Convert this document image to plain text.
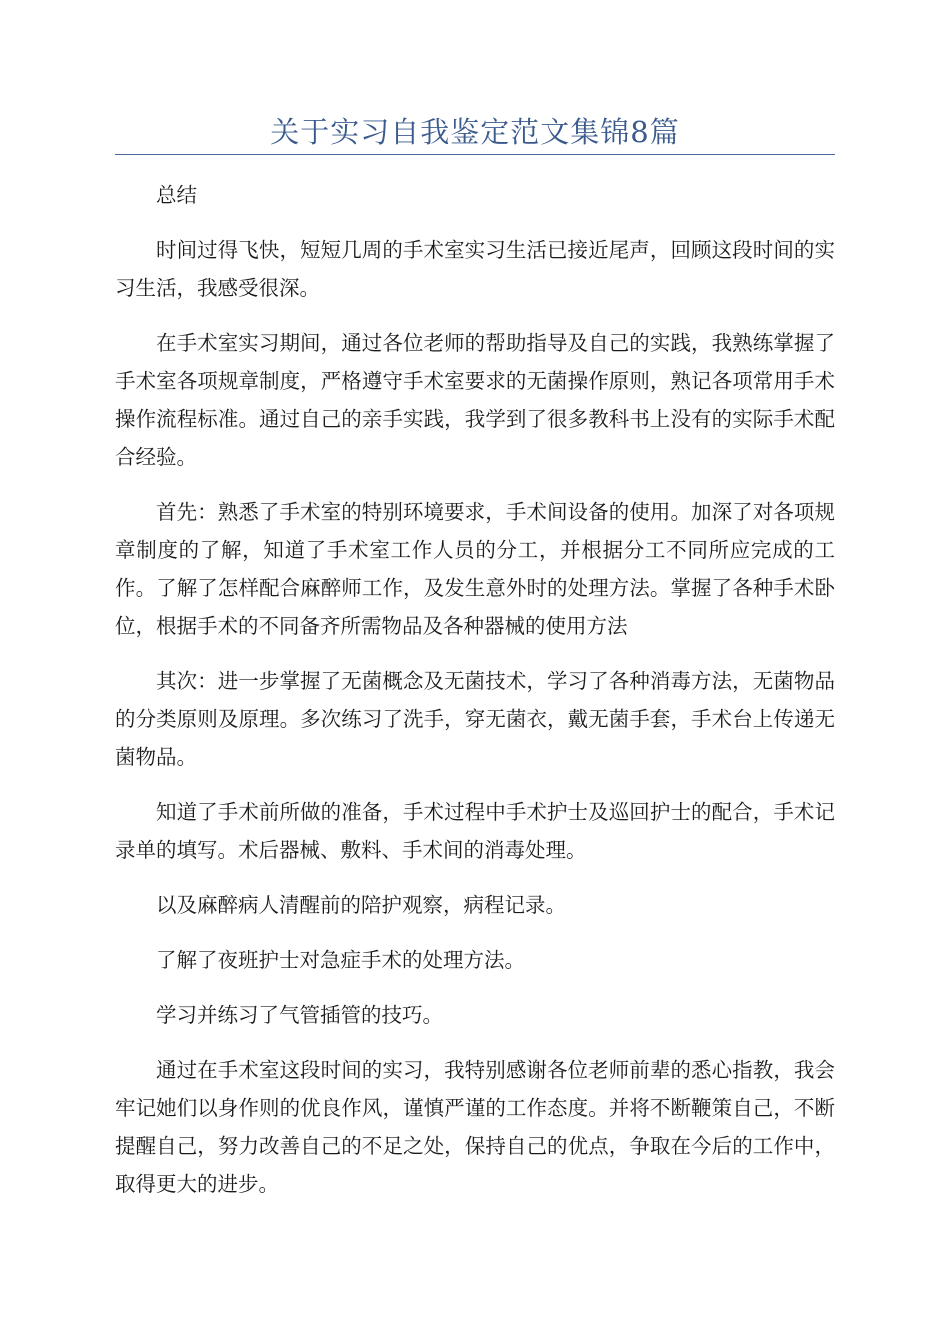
关于实习自我鉴定范文集锦8篇

总结

时间过得飞快，短短几周的手术室实习生活已接近尾声，回顾这段时间的实习生活，我感受很深。

在手术室实习期间，通过各位老师的帮助指导及自己的实践，我熟练掌握了手术室各项规章制度，严格遵守手术室要求的无菌操作原则，熟记各项常用手术操作流程标准。通过自己的亲手实践，我学到了很多教科书上没有的实际手术配合经验。

首先：熟悉了手术室的特别环境要求，手术间设备的使用。加深了对各项规章制度的了解，知道了手术室工作人员的分工，并根据分工不同所应完成的工作。了解了怎样配合麻醉师工作，及发生意外时的处理方法。掌握了各种手术卧位，根据手术的不同备齐所需物品及各种器械的使用方法

其次：进一步掌握了无菌概念及无菌技术，学习了各种消毒方法，无菌物品的分类原则及原理。多次练习了洗手，穿无菌衣，戴无菌手套，手术台上传递无菌物品。

知道了手术前所做的准备，手术过程中手术护士及巡回护士的配合，手术记录单的填写。术后器械、敷料、手术间的消毒处理。

以及麻醉病人清醒前的陪护观察，病程记录。

了解了夜班护士对急症手术的处理方法。

学习并练习了气管插管的技巧。

通过在手术室这段时间的实习，我特别感谢各位老师前辈的悉心指教，我会牢记她们以身作则的优良作风，谨慎严谨的工作态度。并将不断鞭策自己，不断提醒自己，努力改善自己的不足之处，保持自己的优点，争取在今后的工作中，取得更大的进步。
